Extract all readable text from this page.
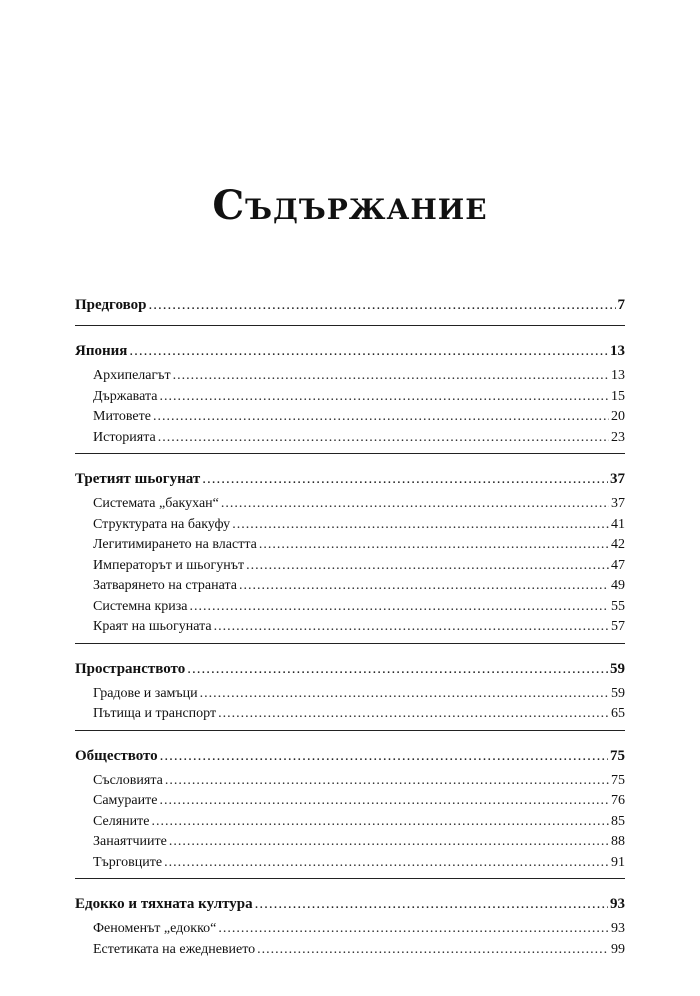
Съдържание
Предговор .....	7
Япония .....	13
Архипелагът .....	13
Държавата .....	15
Митовете .....	20
Историята .....	23
Третият шьогунат .....	37
Системата „бакухан“ .....	37
Структурата на бакуфу .....	41
Легитимирането на властта .....	42
Императорът и шьогунът .....	47
Затварянето на страната .....	49
Системна криза .....	55
Краят на шьогуната .....	57
Пространството .....	59
Градове и замъци .....	59
Пътища и транспорт .....	65
Обществото .....	75
Съсловията .....	75
Самураите .....	76
Селяните .....	85
Занаятчиите .....	88
Търговците .....	91
Едокко и тяхната култура .....	93
Феноменът „едокко“ .....	93
Естетиката на ежедневието .....	99
